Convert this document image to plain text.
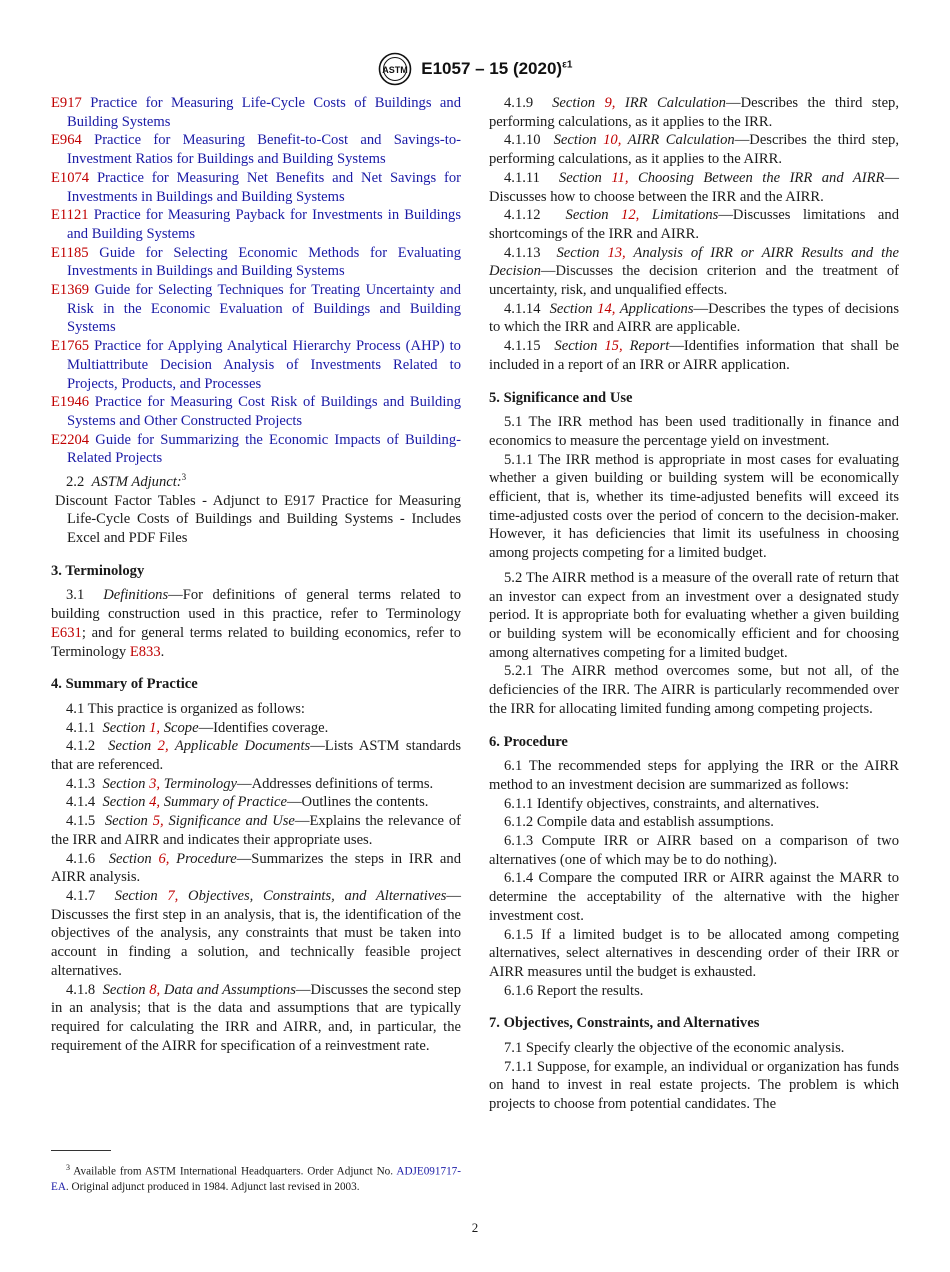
ASTM E1057 – 15 $(2020)^{\varepsilon 1}$

E917 Practice for Measuring Life-Cycle Costs of Buildings and Building Systems

E964 Practice for Measuring Benefit-to-Cost and Savings-to-Investment Ratios for Buildings and Building Systems

E1074 Practice for Measuring Net Benefits and Net Savings for Investments in Buildings and Building Systems

E1121 Practice for Measuring Payback for Investments in Buildings and Building Systems

E1185 Guide for Selecting Economic Methods for Evaluating Investments in Buildings and Building Systems

E1369 Guide for Selecting Techniques for Treating Uncertainty and Risk in the Economic Evaluation of Buildings and Building Systems

E1765 Practice for Applying Analytical Hierarchy Process (AHP) to Multiattribute Decision Analysis of Investments Related to Projects, Products, and Processes

E1946 Practice for Measuring Cost Risk of Buildings and Building Systems and Other Constructed Projects

E2204 Guide for Summarizing the Economic Impacts of Building-Related Projects

2.2 ASTM Adjunct:$^3$

Discount Factor Tables - Adjunct to E917 Practice for Measuring Life-Cycle Costs of Buildings and Building Systems - Includes Excel and PDF Files

3. Terminology

3.1 Definitions—For definitions of general terms related to building construction used in this practice, refer to Terminology E631; and for general terms related to building economics, refer to Terminology E833.

4. Summary of Practice

4.1 This practice is organized as follows:

4.1.1 Section 1, Scope—Identifies coverage.

4.1.2 Section 2, Applicable Documents—Lists ASTM standards that are referenced.

4.1.3 Section 3, Terminology—Addresses definitions of terms.

4.1.4 Section 4, Summary of Practice—Outlines the contents.

4.1.5 Section 5, Significance and Use—Explains the relevance of the IRR and AIRR and indicates their appropriate uses.

4.1.6 Section 6, Procedure—Summarizes the steps in IRR and AIRR analysis.

4.1.7 Section 7, Objectives, Constraints, and Alternatives—Discusses the first step in an analysis, that is, the identification of the objectives of the analysis, any constraints that must be taken into account in finding a solution, and technically feasible project alternatives.

4.1.8 Section 8, Data and Assumptions—Discusses the second step in an analysis; that is the data and assumptions that are typically required for calculating the IRR and AIRR, and, in particular, the requirement of the AIRR for specification of a reinvestment rate.

$^3$ Available from ASTM International Headquarters. Order Adjunct No. ADJE091717-EA. Original adjunct produced in 1984. Adjunct last revised in 2003.

4.1.9 Section 9, IRR Calculation—Describes the third step, performing calculations, as it applies to the IRR.

4.1.10 Section 10, AIRR Calculation—Describes the third step, performing calculations, as it applies to the AIRR.

4.1.11 Section 11, Choosing Between the IRR and AIRR—Discusses how to choose between the IRR and the AIRR.

4.1.12 Section 12, Limitations—Discusses limitations and shortcomings of the IRR and AIRR.

4.1.13 Section 13, Analysis of IRR or AIRR Results and the Decision—Discusses the decision criterion and the treatment of uncertainty, risk, and unqualified effects.

4.1.14 Section 14, Applications—Describes the types of decisions to which the IRR and AIRR are applicable.

4.1.15 Section 15, Report—Identifies information that shall be included in a report of an IRR or AIRR application.

5. Significance and Use

5.1 The IRR method has been used traditionally in finance and economics to measure the percentage yield on investment.

5.1.1 The IRR method is appropriate in most cases for evaluating whether a given building or building system will be economically efficient, that is, whether its time-adjusted benefits will exceed its time-adjusted costs over the period of concern to the decision-maker. However, it has deficiencies that limit its usefulness in choosing among projects competing for a limited budget.

5.2 The AIRR method is a measure of the overall rate of return that an investor can expect from an investment over a designated study period. It is appropriate both for evaluating whether a given building or building system will be economically efficient and for choosing among alternatives competing for a limited budget.

5.2.1 The AIRR method overcomes some, but not all, of the deficiencies of the IRR. The AIRR is particularly recommended over the IRR for allocating limited funding among competing projects.

6. Procedure

6.1 The recommended steps for applying the IRR or the AIRR method to an investment decision are summarized as follows:

6.1.1 Identify objectives, constraints, and alternatives.

6.1.2 Compile data and establish assumptions.

6.1.3 Compute IRR or AIRR based on a comparison of two alternatives (one of which may be to do nothing).

6.1.4 Compare the computed IRR or AIRR against the MARR to determine the acceptability of the alternative with the higher investment cost.

6.1.5 If a limited budget is to be allocated among competing alternatives, select alternatives in descending order of their IRR or AIRR measures until the budget is exhausted.

6.1.6 Report the results.

7. Objectives, Constraints, and Alternatives

7.1 Specify clearly the objective of the economic analysis.

7.1.1 Suppose, for example, an individual or organization has funds on hand to invest in real estate projects. The problem is which projects to choose from potential candidates. The

2
